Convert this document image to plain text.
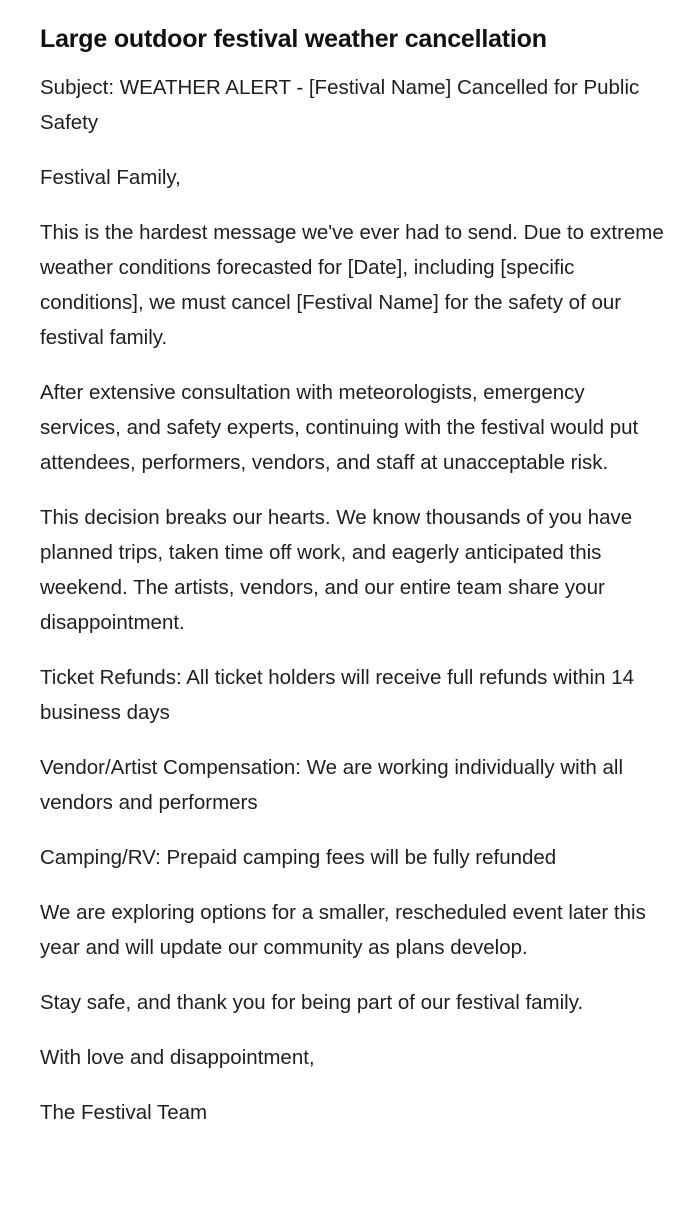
Large outdoor festival weather cancellation

Subject: WEATHER ALERT - [Festival Name] Cancelled for Public Safety

Festival Family,

This is the hardest message we've ever had to send. Due to extreme weather conditions forecasted for [Date], including [specific conditions], we must cancel [Festival Name] for the safety of our festival family.

After extensive consultation with meteorologists, emergency services, and safety experts, continuing with the festival would put attendees, performers, vendors, and staff at unacceptable risk.

This decision breaks our hearts. We know thousands of you have planned trips, taken time off work, and eagerly anticipated this weekend. The artists, vendors, and our entire team share your disappointment.

Ticket Refunds: All ticket holders will receive full refunds within 14 business days

Vendor/Artist Compensation: We are working individually with all vendors and performers

Camping/RV: Prepaid camping fees will be fully refunded

We are exploring options for a smaller, rescheduled event later this year and will update our community as plans develop.

Stay safe, and thank you for being part of our festival family.

With love and disappointment,

The Festival Team
